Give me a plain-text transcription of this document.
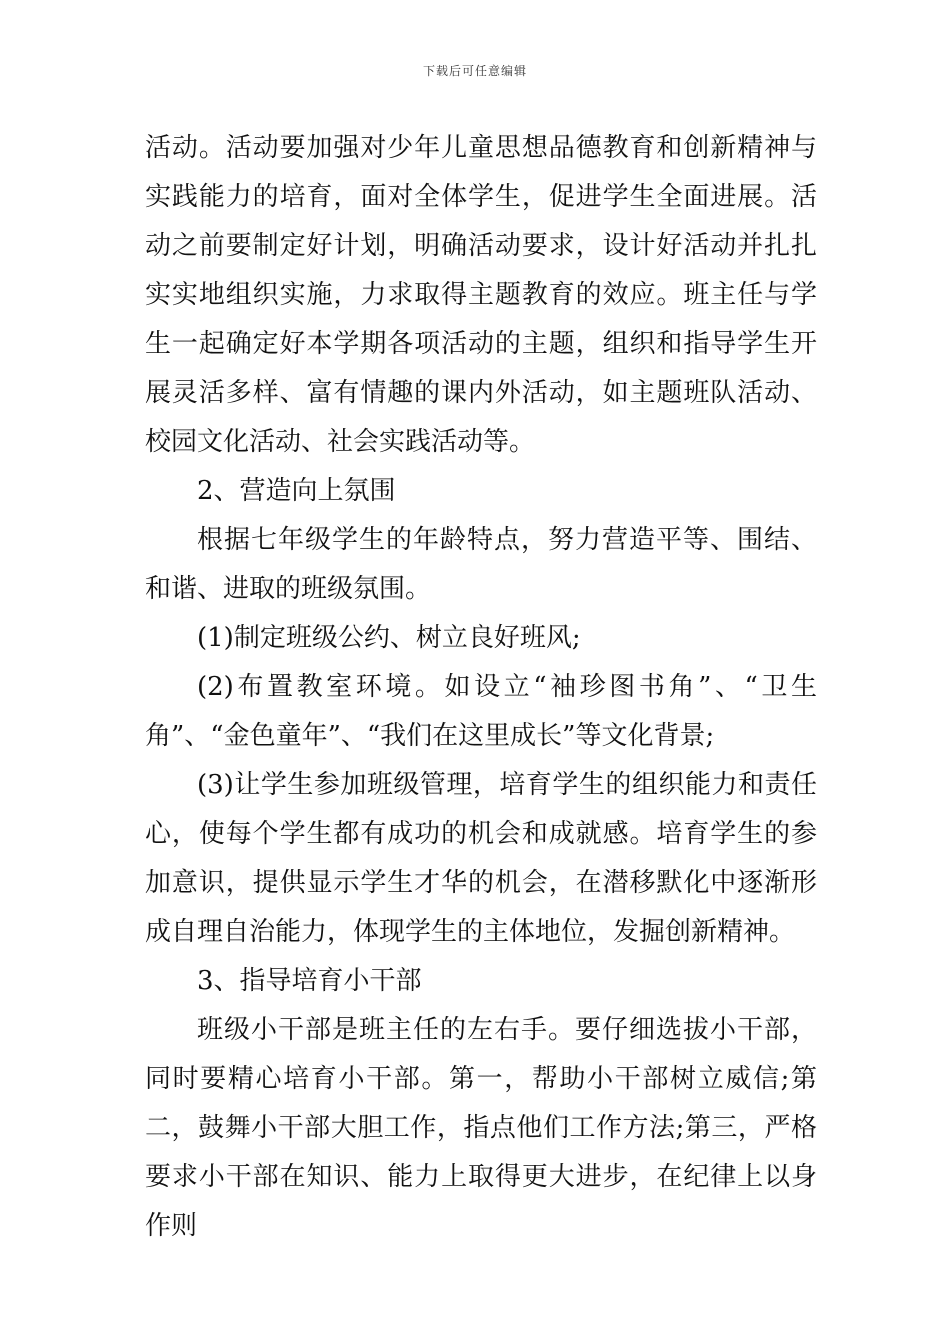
下载后可任意编辑

活动。活动要加强对少年儿童思想品德教育和创新精神与实践能力的培育，面对全体学生，促进学生全面进展。活动之前要制定好计划，明确活动要求，设计好活动并扎扎实实地组织实施，力求取得主题教育的效应。班主任与学生一起确定好本学期各项活动的主题，组织和指导学生开展灵活多样、富有情趣的课内外活动，如主题班队活动、校园文化活动、社会实践活动等。

2、营造向上氛围

根据七年级学生的年龄特点，努力营造平等、围结、和谐、进取的班级氛围。

(1)制定班级公约、树立良好班风;

(2)布置教室环境。如设立“袖珍图书角”、“卫生角”、“金色童年”、“我们在这里成长”等文化背景;

(3)让学生参加班级管理，培育学生的组织能力和责任心，使每个学生都有成功的机会和成就感。培育学生的参加意识，提供显示学生才华的机会，在潜移默化中逐渐形成自理自治能力，体现学生的主体地位，发掘创新精神。

3、指导培育小干部

班级小干部是班主任的左右手。要仔细选拔小干部，同时要精心培育小干部。第一，帮助小干部树立威信;第二，鼓舞小干部大胆工作，指点他们工作方法;第三，严格要求小干部在知识、能力上取得更大进步，在纪律上以身作则
